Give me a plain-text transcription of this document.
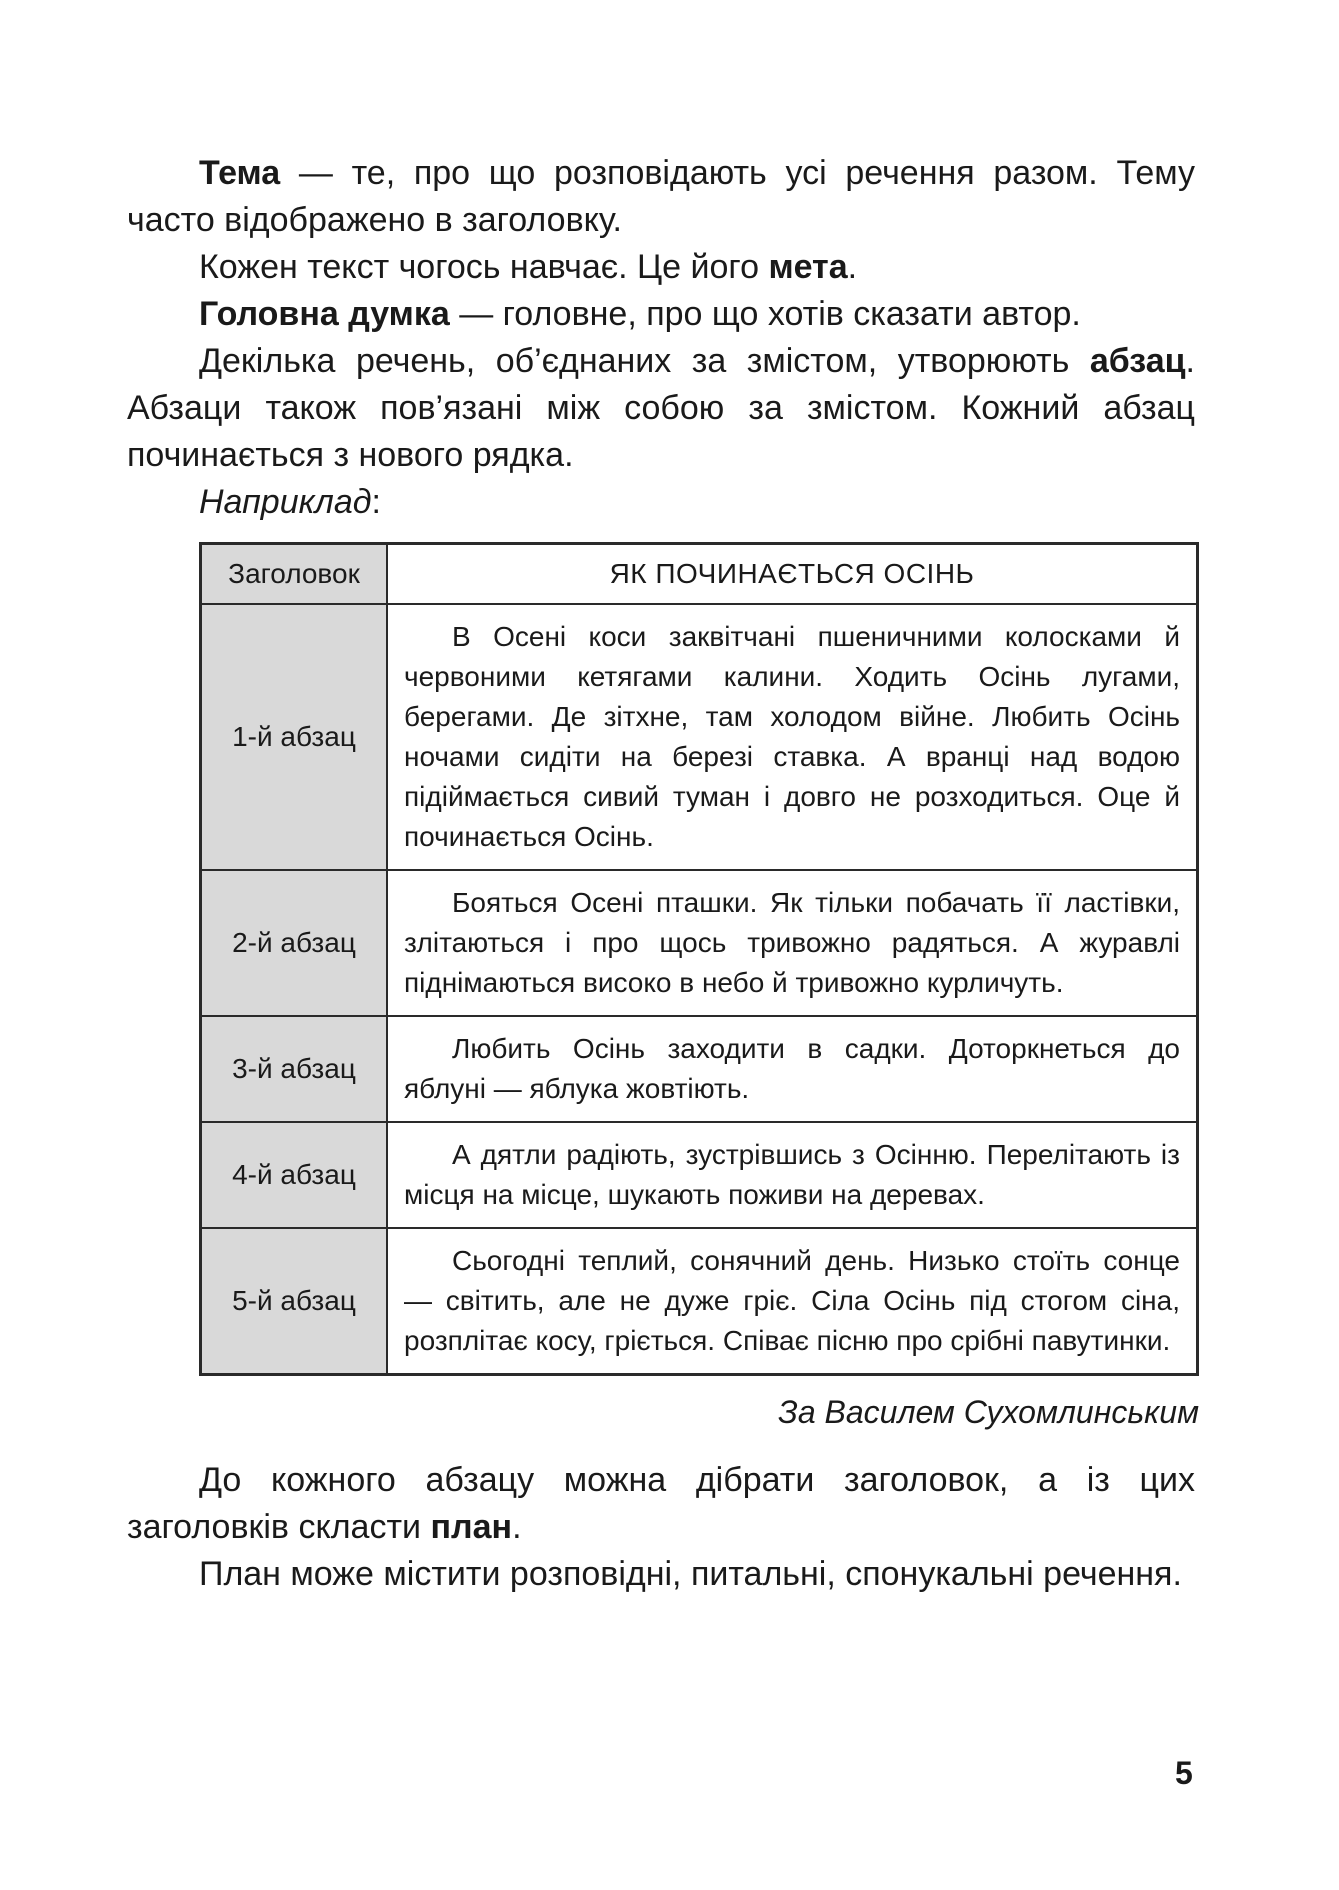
Тема — те, про що розповідають усі речення разом. Тему часто відображено в заголовку.

Кожен текст чогось навчає. Це його мета.

Головна думка — головне, про що хотів сказати автор.

Декілька речень, об’єднаних за змістом, утворюють абзац. Абзаци також пов’язані між собою за змістом. Кожний абзац починається з нового рядка.

Наприклад:

Заголовок	ЯК ПОЧИНАЄТЬСЯ ОСІНЬ
1-й абзац	В Осені коси заквітчані пшеничними колосками й червоними кетягами калини. Ходить Осінь лугами, берегами. Де зітхне, там холодом війне. Любить Осінь ночами сидіти на березі ставка. А вранці над водою підіймається сивий туман і довго не розходиться. Оце й починається Осінь.
2-й абзац	Бояться Осені пташки. Як тільки побачать її ластівки, злітаються і про щось тривожно радяться. А журавлі піднімаються високо в небо й тривожно курличуть.
3-й абзац	Любить Осінь заходити в садки. Доторкнеться до яблуні — яблука жовтіють.
4-й абзац	А дятли радіють, зустрівшись з Осінню. Перелітають із місця на місце, шукають поживи на деревах.
5-й абзац	Сьогодні теплий, сонячний день. Низько стоїть сонце — світить, але не дуже гріє. Сіла Осінь під стогом сіна, розплітає косу, гріється. Співає пісню про срібні павутинки.
За Василем Сухомлинським

До кожного абзацу можна дібрати заголовок, а із цих заголовків скласти план.

План може містити розповідні, питальні, спонукальні речення.

5
